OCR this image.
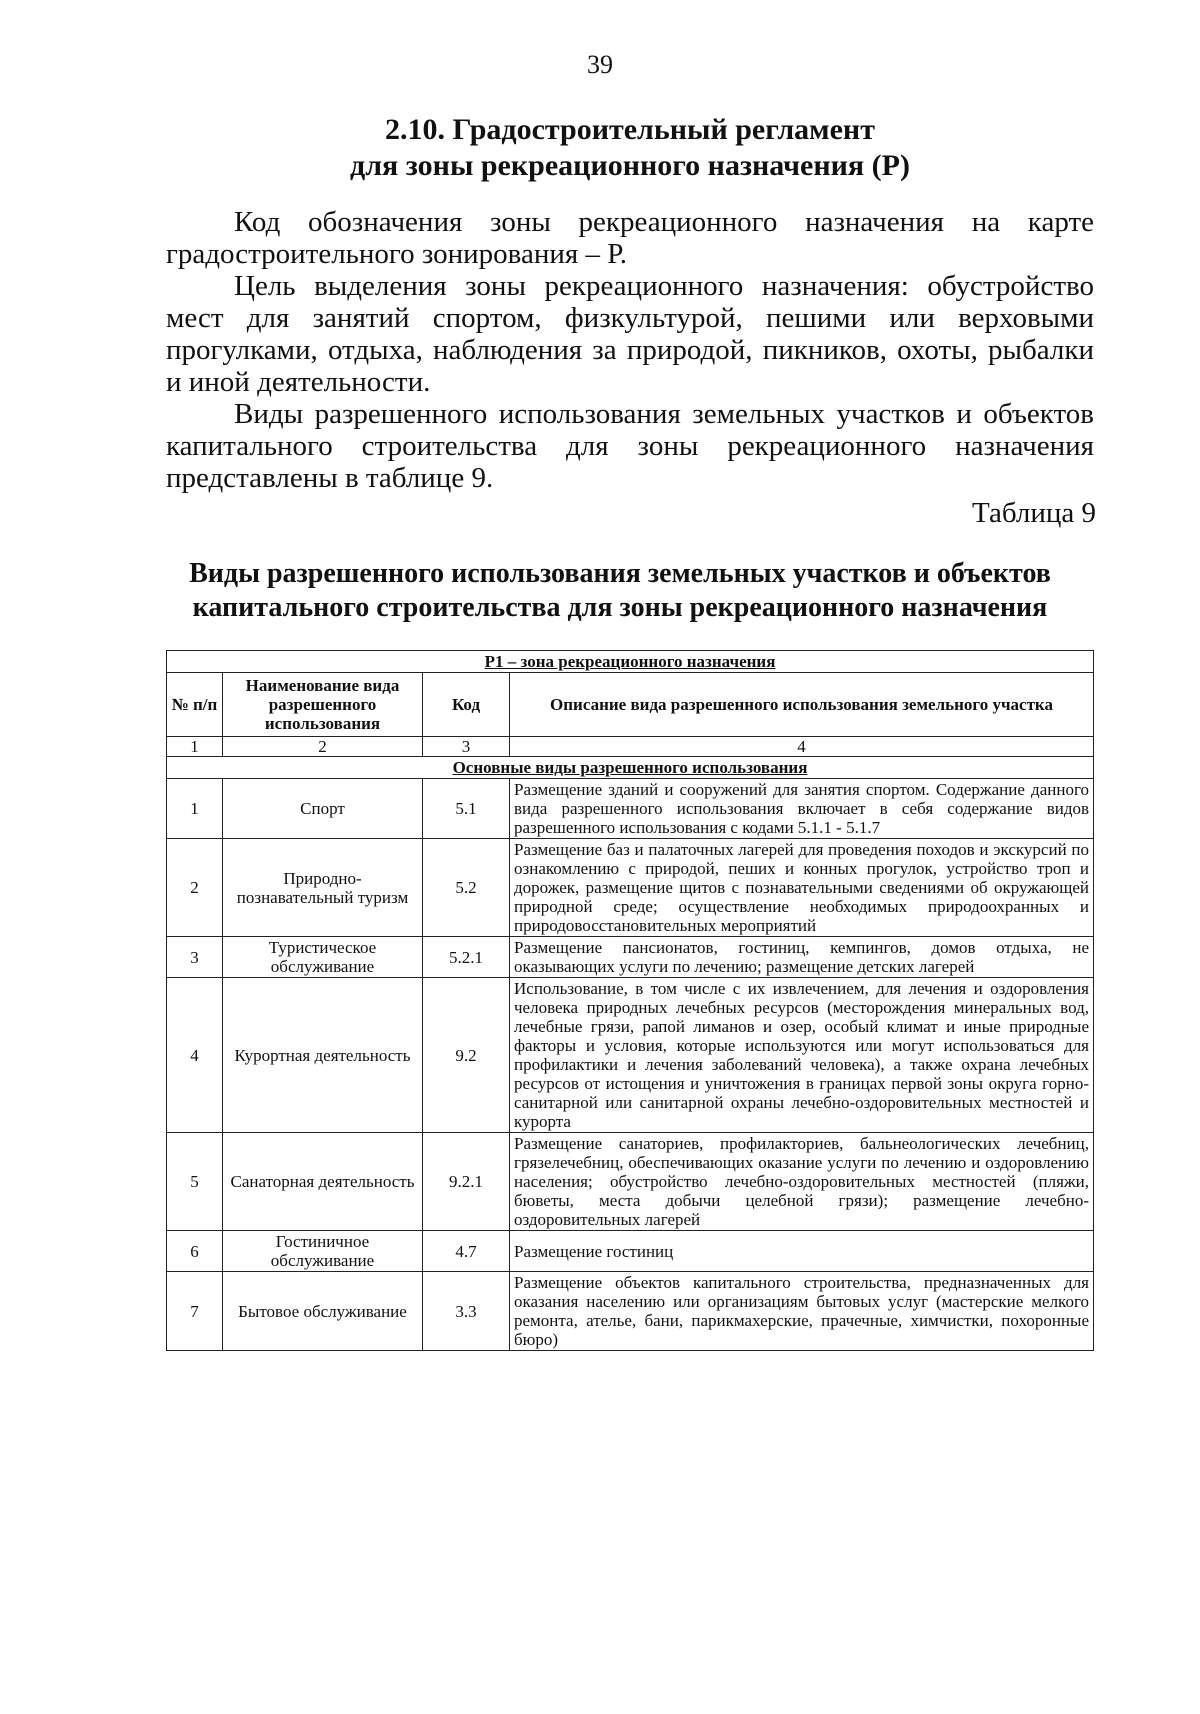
39
2.10. Градостроительный регламент
для зоны рекреационного назначения (Р)

Код обозначения зоны рекреационного назначения на карте градостроительного зонирования – Р.

Цель выделения зоны рекреационного назначения: обустройство мест для занятий спортом, физкультурой, пешими или верховыми прогулками, отдыха, наблюдения за природой, пикников, охоты, рыбалки и иной деятельности.

Виды разрешенного использования земельных участков и объектов капитального строительства для зоны рекреационного назначения представлены в таблице 9.

Таблица 9
Виды разрешенного использования земельных участков и объектов
капитального строительства для зоны рекреационного назначения
Р1 – зона рекреационного назначения			
№ п/п	Наименование вида разрешенного использования	Код	Описание вида разрешенного использования земельного участка
1	2	3	4
Основные виды разрешенного использования			
1	Спорт	5.1	Размещение зданий и сооружений для занятия спортом. Содержание данного вида разрешенного использования включает в себя содержание видов разрешенного использования с кодами 5.1.1 - 5.1.7
2	Природно-познавательный туризм	5.2	Размещение баз и палаточных лагерей для проведения походов и экскурсий по ознакомлению с природой, пеших и конных прогулок, устройство троп и дорожек, размещение щитов с познавательными сведениями об окружающей природной среде; осуществление необходимых природоохранных и природовосстановительных мероприятий
3	Туристическое обслуживание	5.2.1	Размещение пансионатов, гостиниц, кемпингов, домов отдыха, не оказывающих услуги по лечению; размещение детских лагерей
4	Курортная деятельность	9.2	Использование, в том числе с их извлечением, для лечения и оздоровления человека природных лечебных ресурсов (месторождения минеральных вод, лечебные грязи, рапой лиманов и озер, особый климат и иные природные факторы и условия, которые используются или могут использоваться для профилактики и лечения заболеваний человека), а также охрана лечебных ресурсов от истощения и уничтожения в границах первой зоны округа горно-санитарной или санитарной охраны лечебно-оздоровительных местностей и курорта
5	Санаторная деятельность	9.2.1	Размещение санаториев, профилакториев, бальнеологических лечебниц, грязелечебниц, обеспечивающих оказание услуги по лечению и оздоровлению населения; обустройство лечебно-оздоровительных местностей (пляжи, бюветы, места добычи целебной грязи); размещение лечебно-оздоровительных лагерей
6	Гостиничное обслуживание	4.7	Размещение гостиниц
7	Бытовое обслуживание	3.3	Размещение объектов капитального строительства, предназначенных для оказания населению или организациям бытовых услуг (мастерские мелкого ремонта, ателье, бани, парикмахерские, прачечные, химчистки, похоронные бюро)
